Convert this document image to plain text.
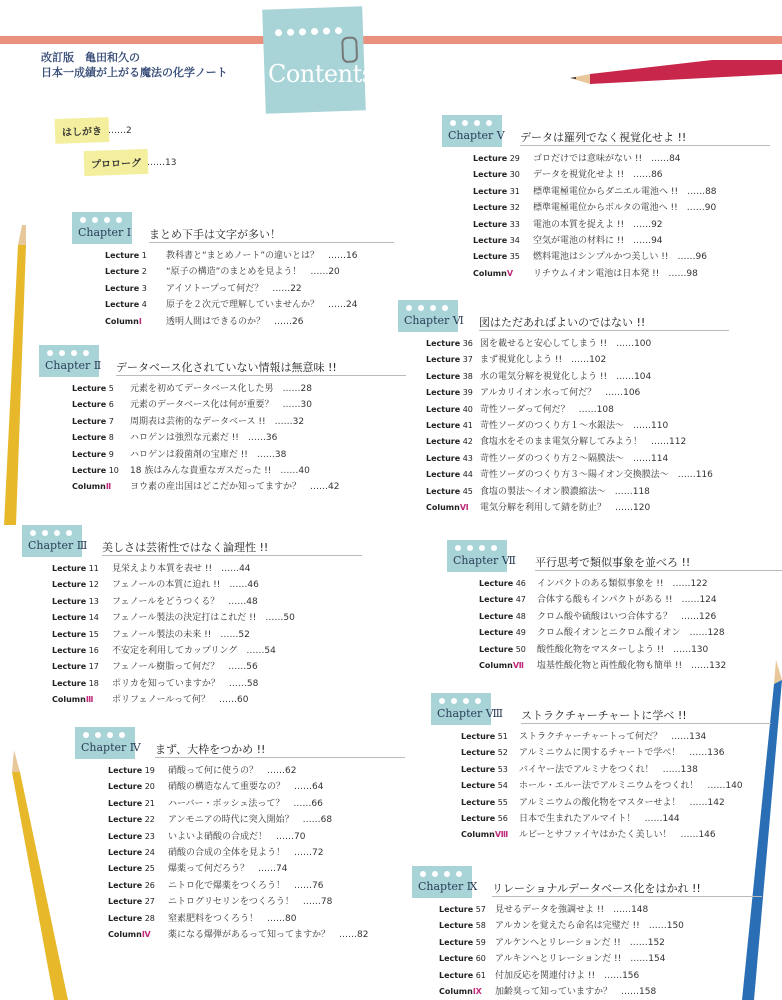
改訂版　亀田和久の
日本一成績が上がる魔法の化学ノート Contents
はしがき ……2
プロローグ ……13
Chapter Ⅰ まとめ下手は文字が多い！
Lecture 1 教科書と“まとめノート”の違いとは？　……16
Lecture 2 “原子の構造”のまとめを見よう！　……20
Lecture 3 アイソトープって何だ？　……22
Lecture 4 原子を２次元で理解していませんか？　……24
ColumnⅠ	透明人間はできるのか？　……26
Chapter Ⅱ データベース化されていない情報は無意味 !!
Lecture 5 元素を初めてデータベース化した男　……28
Lecture 6 元素のデータベース化は何が重要？　……30
Lecture 7 周期表は芸術的なデータベース !!　……32
Lecture 8 ハロゲンは強烈な元素だ !!　……36
Lecture 9 ハロゲンは殺菌剤の宝庫だ !!　……38
Lecture 10 18 族はみんな貴重なガスだった !!　……40
ColumnⅡ ヨウ素の産出国はどこだか知ってますか？　……42
Chapter Ⅲ 美しさは芸術性ではなく論理性 !!
Lecture 11 見栄えより本質を表せ !!　……44
Lecture 12 フェノールの本質に迫れ !!　……46
Lecture 13 フェノールをどうつくる？　……48
Lecture 14 フェノール製法の決定打はこれだ !!　……50
Lecture 15 フェノール製法の未来 !!　……52
Lecture 16 不安定を利用してカップリング　……54
Lecture 17 フェノール樹脂って何だ？　……56
Lecture 18 ポリカを知っていますか？　……58
ColumnⅢ ポリフェノールって何？　……60
Chapter Ⅳ まず、大枠をつかめ !!
Lecture 19 硝酸って何に使うの？　……62
Lecture 20 硝酸の構造なんて重要なの？　……64
Lecture 21 ハーバー・ボッシュ法って？　……66
Lecture 22 アンモニアの時代に突入開始？　……68
Lecture 23 いよいよ硝酸の合成だ！　……70
Lecture 24 硝酸の合成の全体を見よう！　……72
Lecture 25 爆薬って何だろう？　……74
Lecture 26 ニトロ化で爆薬をつくろう！　……76
Lecture 27 ニトログリセリンをつくろう！　……78
Lecture 28 窒素肥料をつくろう！　……80
ColumnⅣ 薬になる爆弾があるって知ってますか？　……82
Chapter Ⅴ データは羅列でなく視覚化せよ !!
Lecture 29 ゴロだけでは意味がない !!　……84
Lecture 30 データを視覚化せよ !!　……86
Lecture 31 標準電極電位からダニエル電池へ !!　……88
Lecture 32 標準電極電位からボルタの電池へ !!　……90
Lecture 33 電池の本質を捉えよ !!　……92
Lecture 34 空気が電池の材料に !!　……94
Lecture 35 燃料電池はシンプルかつ美しい !!　……96
ColumnⅤ リチウムイオン電池は日本発 !!　……98
Chapter Ⅵ 図はただあればよいのではない !!
Lecture 36 図を載せると安心してしまう !!　……100
Lecture 37 まず視覚化しよう !!　……102
Lecture 38 水の電気分解を視覚化しよう !!　……104
Lecture 39 アルカリイオン水って何だ？　……106
Lecture 40 苛性ソーダって何だ？　……108
Lecture 41 苛性ソーダのつくり方１～水銀法～　……110
Lecture 42 食塩水をそのまま電気分解してみよう！　……112
Lecture 43 苛性ソーダのつくり方２～隔膜法～　……114
Lecture 44 苛性ソーダのつくり方３～陽イオン交換膜法～　……116
Lecture 45 食塩の製法～イオン膜濃縮法～　……118
ColumnⅥ 電気分解を利用して錆を防止？　……120
Chapter Ⅶ 平行思考で類似事象を並べろ !!
Lecture 46 インパクトのある類似事象を !!　……122
Lecture 47 合体する酸もインパクトがある !!　……124
Lecture 48 クロム酸や硫酸はいつ合体する？　……126
Lecture 49 クロム酸イオンとニクロム酸イオン　……128
Lecture 50 酸性酸化物をマスターしよう !!　……130
ColumnⅦ 塩基性酸化物と両性酸化物も簡単 !!　……132
Chapter Ⅷ ストラクチャーチャートに学べ !!
Lecture 51 ストラクチャーチャートって何だ？　……134
Lecture 52 アルミニウムに関するチャートで学べ！　……136
Lecture 53 バイヤー法でアルミナをつくれ！　……138
Lecture 54 ホール・エルー法でアルミニウムをつくれ！　……140
Lecture 55 アルミニウムの酸化物をマスターせよ！　……142
Lecture 56 日本で生まれたアルマイト！　……144
ColumnⅧ ルビーとサファイヤはかたく美しい！　……146
Chapter Ⅸ リレーショナルデータベース化をはかれ !!
Lecture 57 見せるデータを強調せよ !!　……148
Lecture 58 アルカンを覚えたら命名は完璧だ !!　……150
Lecture 59 アルケンへとリレーションだ !!　……152
Lecture 60 アルキンへとリレーションだ !!　……154
Lecture 61 付加反応を関連付けよ !!　……156
ColumnⅨ 加齢臭って知っていますか？　……158
